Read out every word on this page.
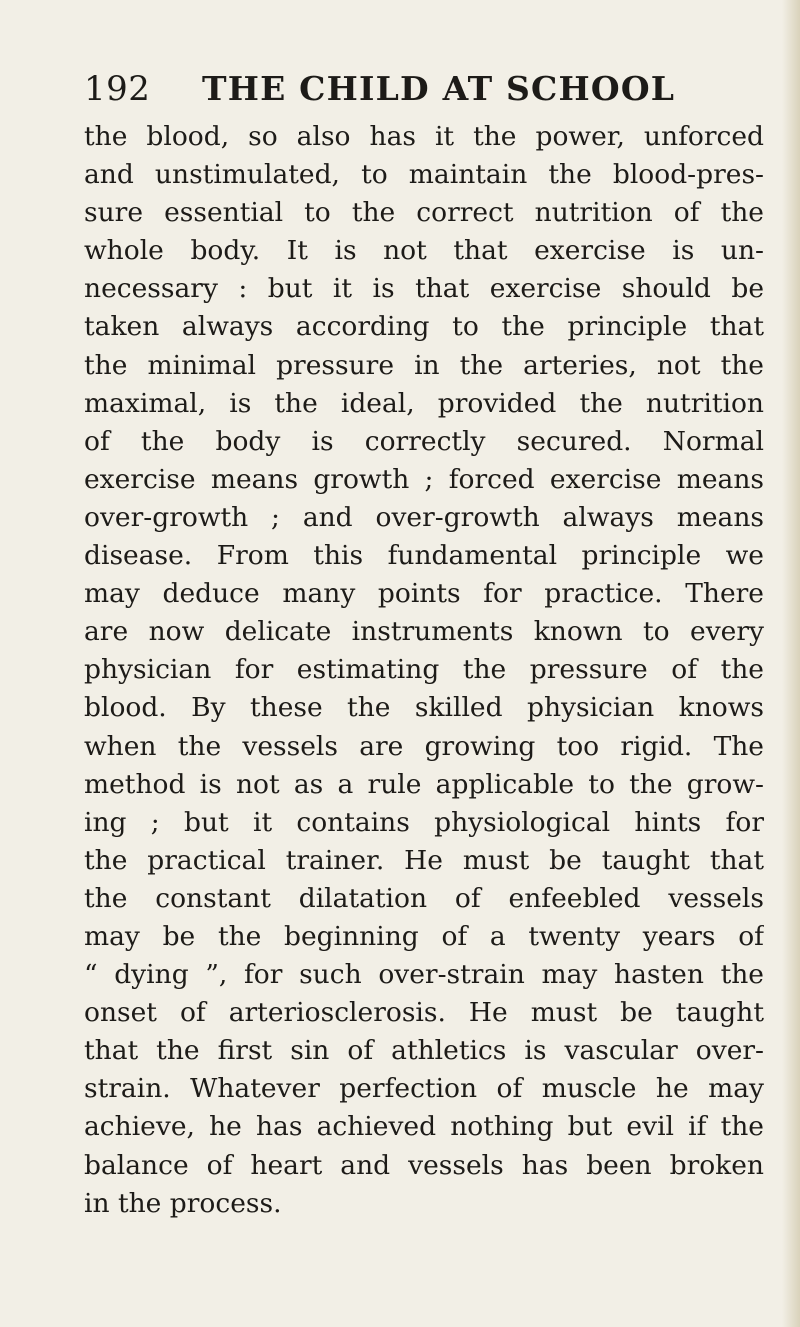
192 THE CHILD AT SCHOOL
the blood, so also has it the power, unforced
and unstimulated, to maintain the blood-pres-
sure essential to the correct nutrition of the
whole body. It is not that exercise is un-
necessary : but it is that exercise should be
taken always according to the principle that
the minimal pressure in the arteries, not the
maximal, is the ideal, provided the nutrition
of the body is correctly secured. Normal
exercise means growth ; forced exercise means
over-growth ; and over-growth always means
disease. From this fundamental principle we
may deduce many points for practice. There
are now delicate instruments known to every
physician for estimating the pressure of the
blood. By these the skilled physician knows
when the vessels are growing too rigid. The
method is not as a rule applicable to the grow-
ing ; but it contains physiological hints for
the practical trainer. He must be taught that
the constant dilatation of enfeebled vessels
may be the beginning of a twenty years of
“ dying ”, for such over-strain may hasten the
onset of arteriosclerosis. He must be taught
that the first sin of athletics is vascular over-
strain. Whatever perfection of muscle he may
achieve, he has achieved nothing but evil if the
balance of heart and vessels has been broken
in the process.
